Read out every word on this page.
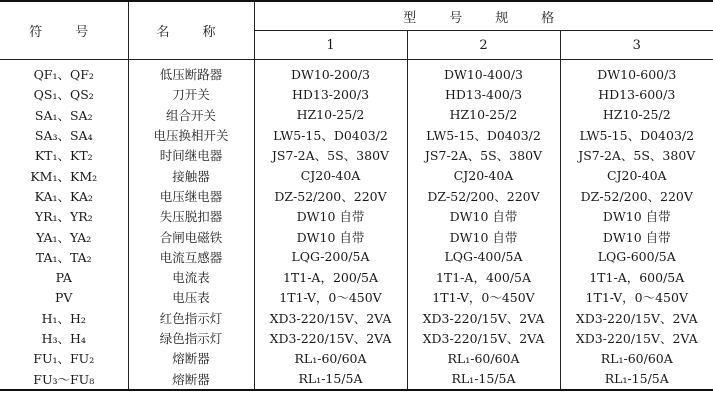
符　号	名　称	型　号　规　格		
		1	2	3

QF₁、QF₂	低压断路器	DW10-200/3	DW10-400/3	DW10-600/3
QS₁、QS₂	刀开关	HD13-200/3	HD13-400/3	HD13-600/3
SA₁、SA₂	组合开关	HZ10-25/2	HZ10-25/2	HZ10-25/2
SA₃、SA₄	电压换相开关	LW5-15、D0403/2	LW5-15、D0403/2	LW5-15、D0403/2
KT₁、KT₂	时间继电器	JS7-2A、5S、380V	JS7-2A、5S、380V	JS7-2A、5S、380V
KM₁、KM₂	接触器	CJ20-40A	CJ20-40A	CJ20-40A
KA₁、KA₂	电压继电器	DZ-52/200、220V	DZ-52/200、220V	DZ-52/200、220V
YR₁、YR₂	失压脱扣器	DW10 自带	DW10 自带	DW10 自带
YA₁、YA₂	合闸电磁铁	DW10 自带	DW10 自带	DW10 自带
TA₁、TA₂	电流互感器	LQG-200/5A	LQG-400/5A	LQG-600/5A
PA	电流表	1T1-A，200/5A	1T1-A，400/5A	1T1-A，600/5A
PV	电压表	1T1-V，0～450V	1T1-V，0～450V	1T1-V，0～450V
H₁、H₂	红色指示灯	XD3-220/15V、2VA	XD3-220/15V、2VA	XD3-220/15V、2VA
H₃、H₄	绿色指示灯	XD3-220/15V、2VA	XD3-220/15V、2VA	XD3-220/15V、2VA
FU₁、FU₂	熔断器	RL₁-60/60A	RL₁-60/60A	RL₁-60/60A
FU₃～FU₈	熔断器	RL₁-15/5A	RL₁-15/5A	RL₁-15/5A
